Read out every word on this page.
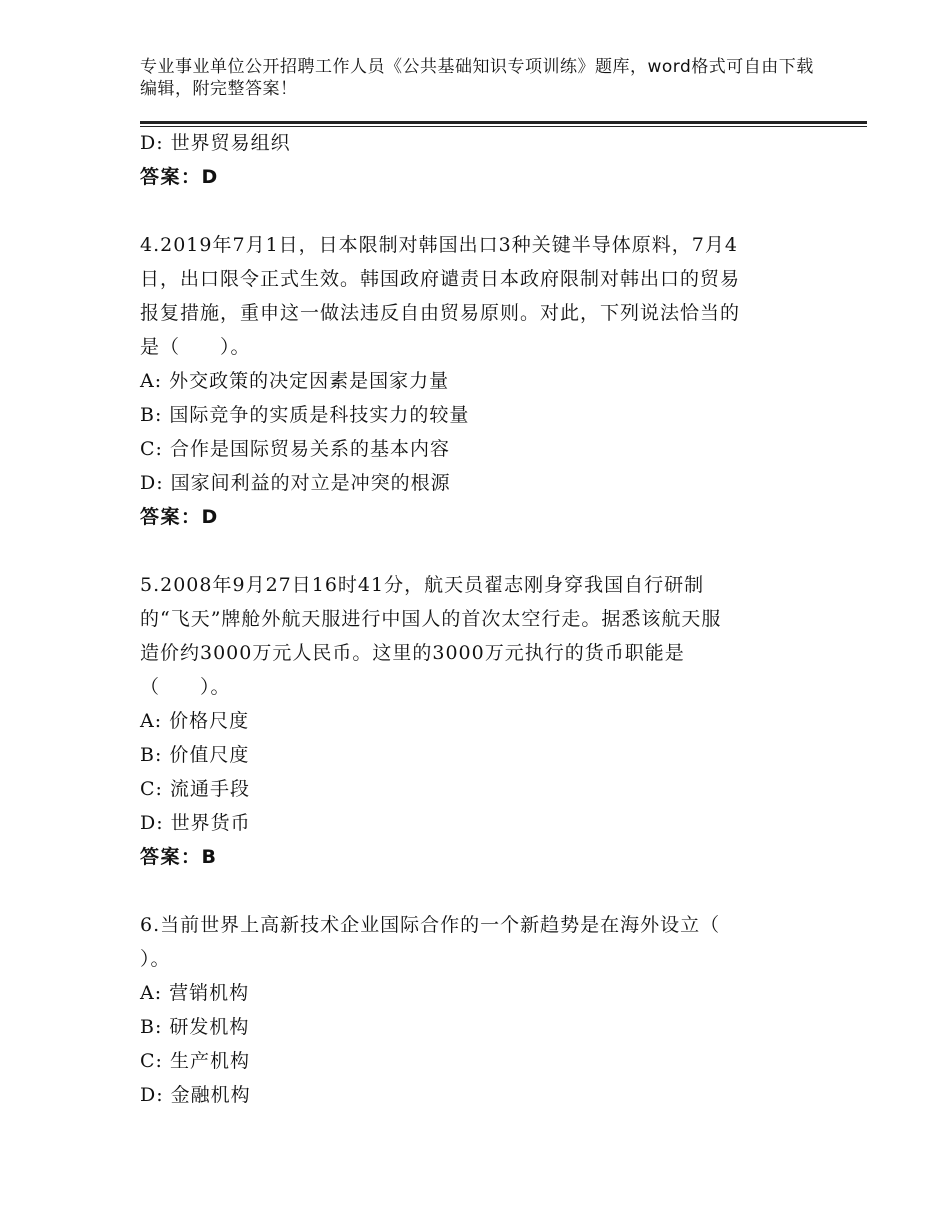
专业事业单位公开招聘工作人员《公共基础知识专项训练》题库，word格式可自由下载编辑，附完整答案！
D: 世界贸易组织
答案：D
4.2019年7月1日，日本限制对韩国出口3种关键半导体原料，7月4
日，出口限令正式生效。韩国政府谴责日本政府限制对韩出口的贸易
报复措施，重申这一做法违反自由贸易原则。对此，下列说法恰当的
是（　　）。
A: 外交政策的决定因素是国家力量
B: 国际竞争的实质是科技实力的较量
C: 合作是国际贸易关系的基本内容
D: 国家间利益的对立是冲突的根源
答案：D
5.2008年9月27日16时41分，航天员翟志刚身穿我国自行研制
的“飞天”牌舱外航天服进行中国人的首次太空行走。据悉该航天服
造价约3000万元人民币。这里的3000万元执行的货币职能是
（　　）。
A: 价格尺度
B: 价值尺度
C: 流通手段
D: 世界货币
答案：B
6.当前世界上高新技术企业国际合作的一个新趋势是在海外设立（
）。
A: 营销机构
B: 研发机构
C: 生产机构
D: 金融机构
